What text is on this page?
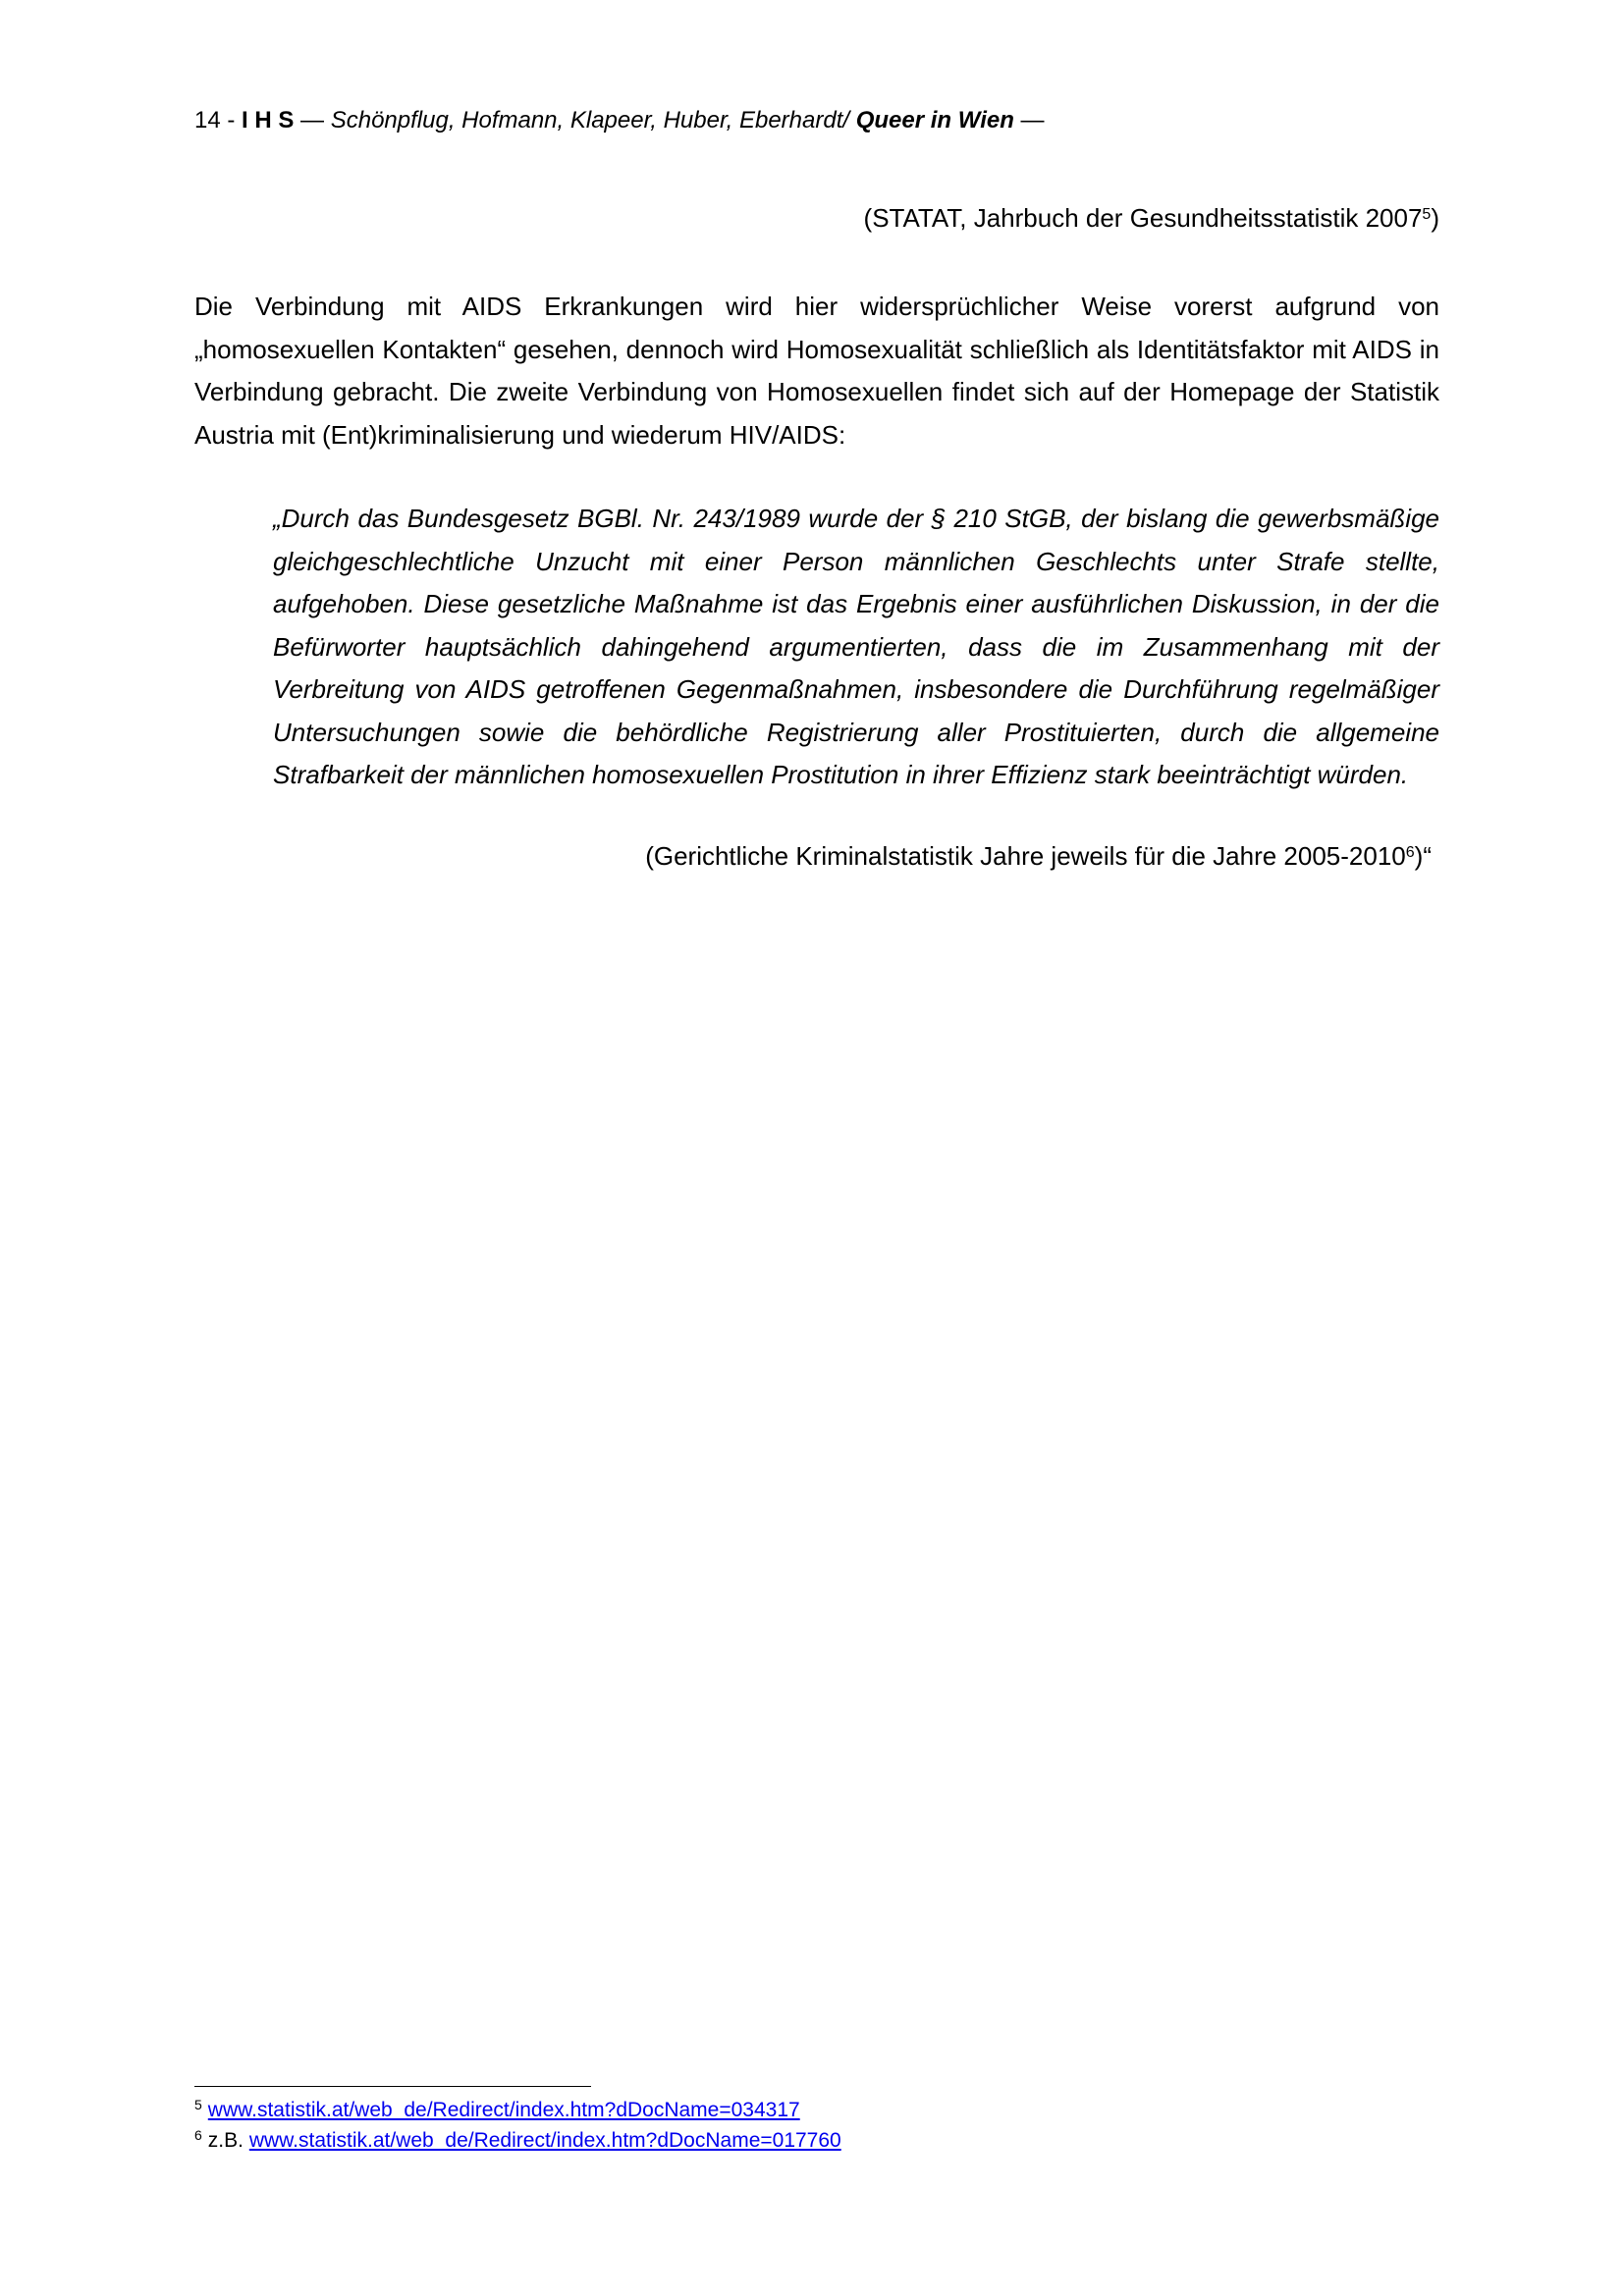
14 - I H S — Schönpflug, Hofmann, Klapeer, Huber, Eberhardt/ Queer in Wien —
(STATAT, Jahrbuch der Gesundheitsstatistik 2007$^5$)

Die Verbindung mit AIDS Erkrankungen wird hier widersprüchlicher Weise vorerst aufgrund von „homosexuellen Kontakten“ gesehen, dennoch wird Homosexualität schließlich als Identitätsfaktor mit AIDS in Verbindung gebracht. Die zweite Verbindung von Homosexuellen findet sich auf der Homepage der Statistik Austria mit (Ent)kriminalisierung und wiederum HIV/AIDS:

„Durch das Bundesgesetz BGBl. Nr. 243/1989 wurde der § 210 StGB, der bislang die gewerbsmäßige gleichgeschlechtliche Unzucht mit einer Person männlichen Geschlechts unter Strafe stellte, aufgehoben. Diese gesetzliche Maßnahme ist das Ergebnis einer ausführlichen Diskussion, in der die Befürworter hauptsächlich dahingehend argumentierten, dass die im Zusammenhang mit der Verbreitung von AIDS getroffenen Gegenmaßnahmen, insbesondere die Durchführung regelmäßiger Untersuchungen sowie die behördliche Registrierung aller Prostituierten, durch die allgemeine Strafbarkeit der männlichen homosexuellen Prostitution in ihrer Effizienz stark beeinträchtigt würden.

(Gerichtliche Kriminalstatistik Jahre jeweils für die Jahre 2005-2010$^6$)“
$^5$ www.statistik.at/web_de/Redirect/index.htm?dDocName=034317
$^6$ z.B. www.statistik.at/web_de/Redirect/index.htm?dDocName=017760
